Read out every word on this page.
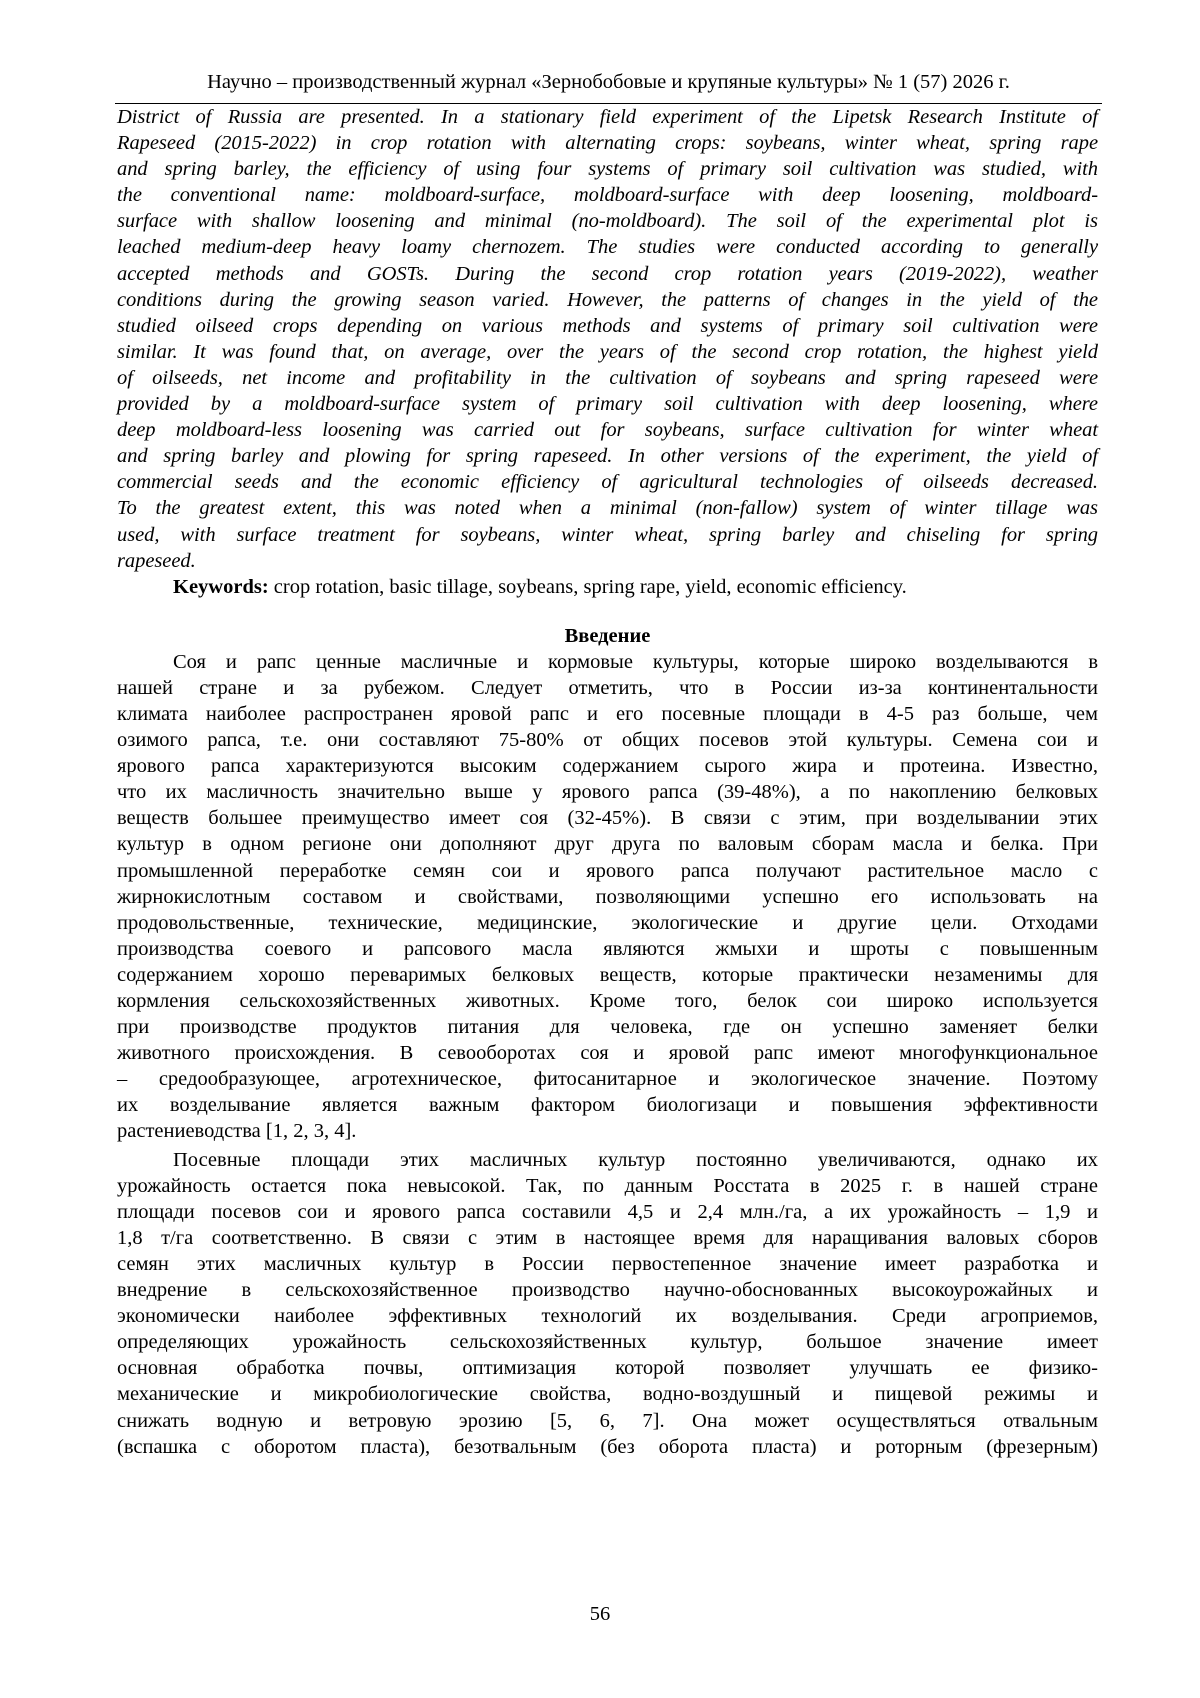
Научно – производственный журнал «Зернобобовые и крупяные культуры» № 1 (57) 2026 г.

District of Russia are presented. In a stationary field experiment of the Lipetsk Research Institute of

Rapeseed (2015-2022) in crop rotation with alternating crops: soybeans, winter wheat, spring rape

and spring barley, the efficiency of using four systems of primary soil cultivation was studied, with

the conventional name: moldboard-surface, moldboard-surface with deep loosening, moldboard-

surface with shallow loosening and minimal (no-moldboard). The soil of the experimental plot is

leached medium-deep heavy loamy chernozem. The studies were conducted according to generally

accepted methods and GOSTs. During the second crop rotation years (2019-2022), weather

conditions during the growing season varied. However, the patterns of changes in the yield of the

studied oilseed crops depending on various methods and systems of primary soil cultivation were

similar. It was found that, on average, over the years of the second crop rotation, the highest yield

of oilseeds, net income and profitability in the cultivation of soybeans and spring rapeseed were

provided by a moldboard-surface system of primary soil cultivation with deep loosening, where

deep moldboard-less loosening was carried out for soybeans, surface cultivation for winter wheat

and spring barley and plowing for spring rapeseed. In other versions of the experiment, the yield of

commercial seeds and the economic efficiency of agricultural technologies of oilseeds decreased.

To the greatest extent, this was noted when a minimal (non-fallow) system of winter tillage was

used, with surface treatment for soybeans, winter wheat, spring barley and chiseling for spring

rapeseed.

Keywords: crop rotation, basic tillage, soybeans, spring rape, yield, economic efficiency.

Введение

Соя и рапс ценные масличные и кормовые культуры, которые широко возделываются в

нашей стране и за рубежом. Следует отметить, что в России из-за континентальности

климата наиболее распространен яровой рапс и его посевные площади в 4-5 раз больше, чем

озимого рапса, т.е. они составляют 75-80% от общих посевов этой культуры. Семена сои и

ярового рапса характеризуются высоким содержанием сырого жира и протеина. Известно,

что их масличность значительно выше у ярового рапса (39-48%), а по накоплению белковых

веществ большее преимущество имеет соя (32-45%). В связи с этим, при возделывании этих

культур в одном регионе они дополняют друг друга по валовым сборам масла и белка. При

промышленной переработке семян сои и ярового рапса получают растительное масло с

жирнокислотным составом и свойствами, позволяющими успешно его использовать на

продовольственные, технические, медицинские, экологические и другие цели. Отходами

производства соевого и рапсового масла являются жмыхи и шроты с повышенным

содержанием хорошо переваримых белковых веществ, которые практически незаменимы для

кормления сельскохозяйственных животных. Кроме того, белок сои широко используется

при производстве продуктов питания для человека, где он успешно заменяет белки

животного происхождения. В севооборотах соя и яровой рапс имеют многофункциональное

– средообразующее, агротехническое, фитосанитарное и экологическое значение. Поэтому

их возделывание является важным фактором биологизаци и повышения эффективности

растениеводства [1, 2, 3, 4].

Посевные площади этих масличных культур постоянно увеличиваются, однако их

урожайность остается пока невысокой. Так, по данным Росстата в 2025 г. в нашей стране

площади посевов сои и ярового рапса составили 4,5 и 2,4 млн./га, а их урожайность – 1,9 и

1,8 т/га соответственно. В связи с этим в настоящее время для наращивания валовых сборов

семян этих масличных культур в России первостепенное значение имеет разработка и

внедрение в сельскохозяйственное производство научно-обоснованных высокоурожайных и

экономически наиболее эффективных технологий их возделывания. Среди агроприемов,

определяющих урожайность сельскохозяйственных культур, большое значение имеет

основная обработка почвы, оптимизация которой позволяет улучшать ее физико-

механические и микробиологические свойства, водно-воздушный и пищевой режимы и

снижать водную и ветровую эрозию [5, 6, 7]. Она может осуществляться отвальным

(вспашка с оборотом пласта), безотвальным (без оборота пласта) и роторным (фрезерным)

56
